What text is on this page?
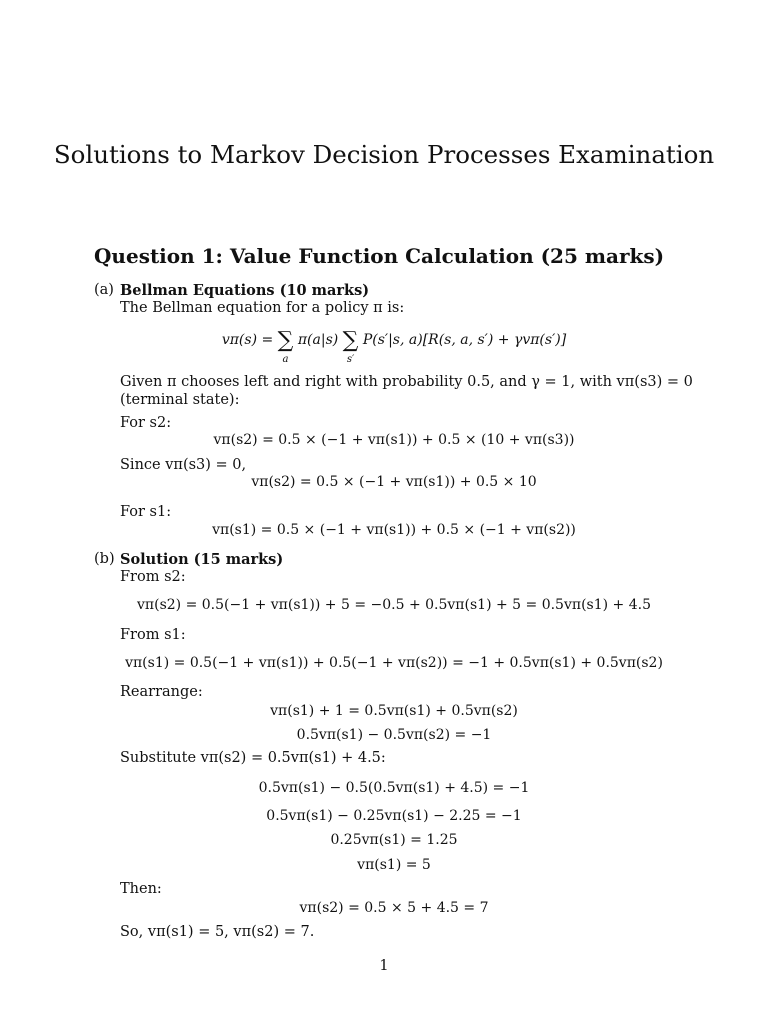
Solutions to Markov Decision Processes Examination
Question 1: Value Function Calculation (25 marks)
(a) Bellman Equations (10 marks)
The Bellman equation for a policy π is:
vπ(s) = ∑
a
π(a|s) ∑
s′
P(s′|s, a)[R(s, a, s′) + γvπ(s′)]
Given π chooses left and right with probability 0.5, and γ = 1, with vπ(s3) = 0
(terminal state):
For s2:
vπ(s2) = 0.5 × (−1 + vπ(s1)) + 0.5 × (10 + vπ(s3))
Since vπ(s3) = 0,
vπ(s2) = 0.5 × (−1 + vπ(s1)) + 0.5 × 10
For s1:
vπ(s1) = 0.5 × (−1 + vπ(s1)) + 0.5 × (−1 + vπ(s2))
(b) Solution (15 marks)
From s2:
vπ(s2) = 0.5(−1 + vπ(s1)) + 5 = −0.5 + 0.5vπ(s1) + 5 = 0.5vπ(s1) + 4.5
From s1:
vπ(s1) = 0.5(−1 + vπ(s1)) + 0.5(−1 + vπ(s2)) = −1 + 0.5vπ(s1) + 0.5vπ(s2)
Rearrange:
vπ(s1) + 1 = 0.5vπ(s1) + 0.5vπ(s2)
0.5vπ(s1) − 0.5vπ(s2) = −1
Substitute vπ(s2) = 0.5vπ(s1) + 4.5:
0.5vπ(s1) − 0.5(0.5vπ(s1) + 4.5) = −1
0.5vπ(s1) − 0.25vπ(s1) − 2.25 = −1
0.25vπ(s1) = 1.25
vπ(s1) = 5
Then:
vπ(s2) = 0.5 × 5 + 4.5 = 7
So, vπ(s1) = 5, vπ(s2) = 7.
1
